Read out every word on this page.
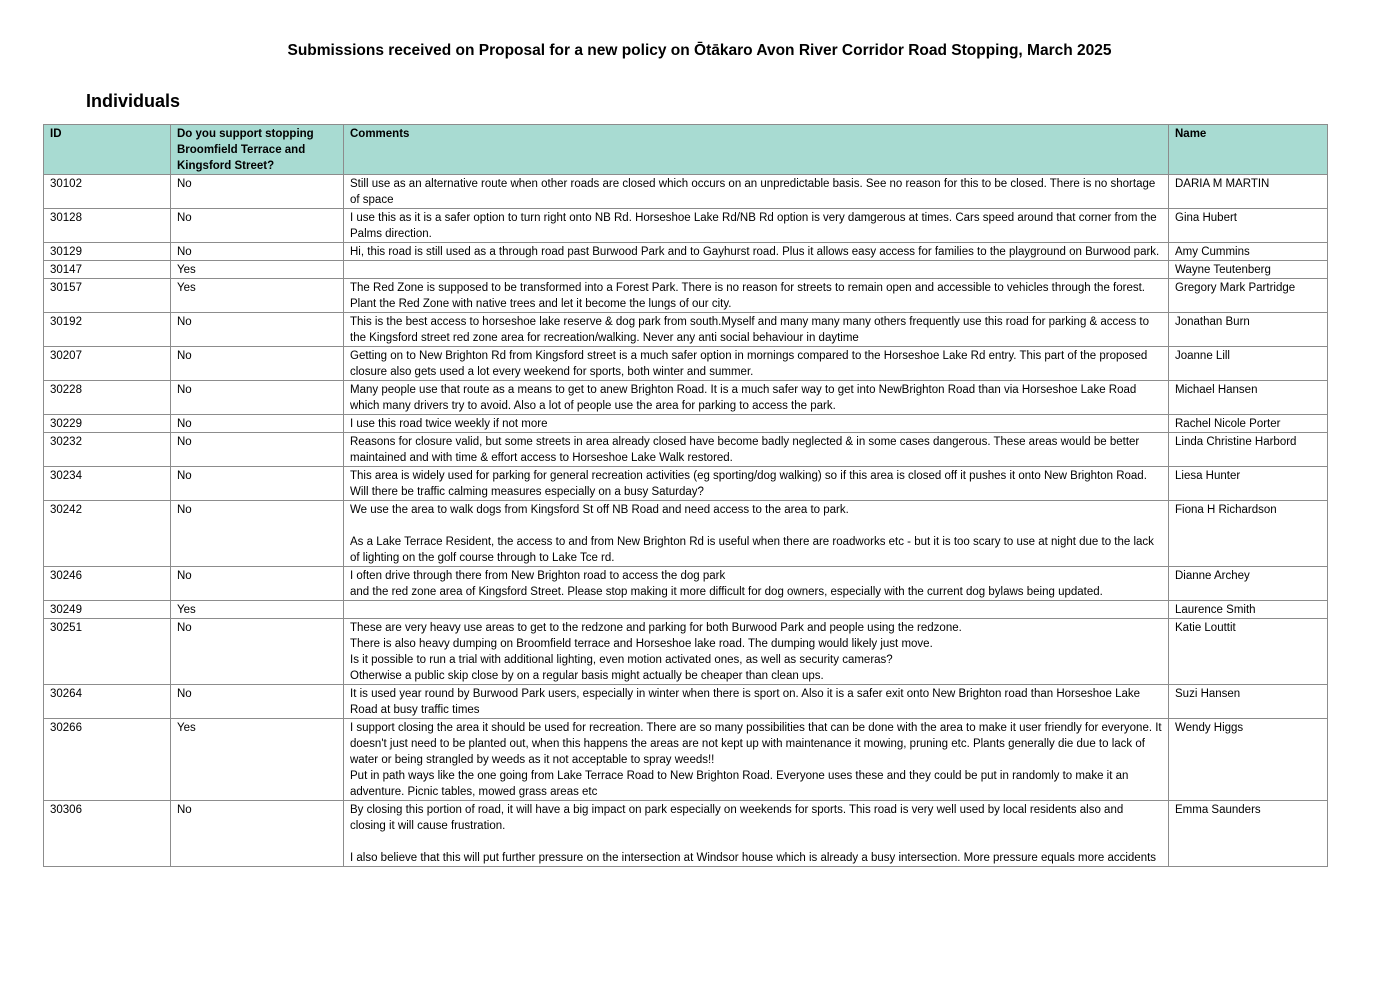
Submissions received on Proposal for a new policy on Ōtākaro Avon River Corridor Road Stopping, March 2025
Individuals
ID	Do you support stopping Broomfield Terrace and Kingsford Street?	Comments	Name
30102	No	Still use as an alternative route when other roads are closed which occurs on an unpredictable basis. See no reason for this to be closed. There is no shortage of space	DARIA M MARTIN
30128	No	I use this as it is a safer option to turn right onto NB Rd. Horseshoe Lake Rd/NB Rd option is very damgerous at times. Cars speed around that corner from the Palms direction.	Gina Hubert
30129	No	Hi, this road is still used as a through road past Burwood Park and to Gayhurst road. Plus it allows easy access for families to the playground on Burwood park.	Amy Cummins
30147	Yes		Wayne Teutenberg
30157	Yes	The Red Zone is supposed to be transformed into a Forest Park. There is no reason for streets to remain open and accessible to vehicles through the forest. Plant the Red Zone with native trees and let it become the lungs of our city.	Gregory Mark Partridge
30192	No	This is the best access to horseshoe lake reserve & dog park from south.Myself and many many many others frequently use this road for parking & access to the Kingsford street red zone area for recreation/walking. Never any anti social behaviour in daytime	Jonathan Burn
30207	No	Getting on to New Brighton Rd from Kingsford street is a much safer option in mornings compared to the Horseshoe Lake Rd entry. This part of the proposed closure also gets used a lot every weekend for sports, both winter and summer.	Joanne Lill
30228	No	Many people use that route as a means to get to anew Brighton Road. It is a much safer way to get into NewBrighton Road than via Horseshoe Lake Road which many drivers try to avoid. Also a lot of people use the area for parking to access the park.	Michael Hansen
30229	No	I use this road twice weekly if not more	Rachel Nicole Porter
30232	No	Reasons for closure valid, but some streets in area already closed have become badly neglected & in some cases dangerous. These areas would be better maintained and with time & effort access to Horseshoe Lake Walk restored.	Linda Christine Harbord
30234	No	This area is widely used for parking for general recreation activities (eg sporting/dog walking) so if this area is closed off it pushes it onto New Brighton Road. Will there be traffic calming measures especially on a busy Saturday?	Liesa Hunter
30242	No	We use the area to walk dogs from Kingsford St off NB Road and need access to the area to park.

As a Lake Terrace Resident, the access to and from New Brighton Rd is useful when there are roadworks etc - but it is too scary to use at night due to the lack of lighting on the golf course through to Lake Tce rd.	Fiona H Richardson
30246	No	I often drive through there from New Brighton road to access the dog park
and the red zone area of Kingsford Street. Please stop making it more difficult for dog owners, especially with the current dog bylaws being updated.	Dianne Archey
30249	Yes		Laurence Smith
30251	No	These are very heavy use areas to get to the redzone and parking for both Burwood Park and people using the redzone.
There is also heavy dumping on Broomfield terrace and Horseshoe lake road. The dumping would likely just move.
Is it possible to run a trial with additional lighting, even motion activated ones, as well as security cameras?
Otherwise a public skip close by on a regular basis might actually be cheaper than clean ups.	Katie Louttit
30264	No	It is used year round by Burwood Park users, especially in winter when there is sport on. Also it is a safer exit onto New Brighton road than Horseshoe Lake Road at busy traffic times	Suzi Hansen
30266	Yes	I support closing the area it should be used for recreation. There are so many possibilities that can be done with the area to make it user friendly for everyone. It doesn't just need to be planted out, when this happens the areas are not kept up with maintenance it mowing, pruning etc. Plants generally die due to lack of water or being strangled by weeds as it not acceptable to spray weeds!!
Put in path ways like the one going from Lake Terrace Road to New Brighton Road. Everyone uses these and they could be put in randomly to make it an adventure. Picnic tables, mowed grass areas etc	Wendy Higgs
30306	No	By closing this portion of road, it will have a big impact on park especially on weekends for sports. This road is very well used by local residents also and closing it will cause frustration.

I also believe that this will put further pressure on the intersection at Windsor house which is already a busy intersection. More pressure equals more accidents	Emma Saunders
